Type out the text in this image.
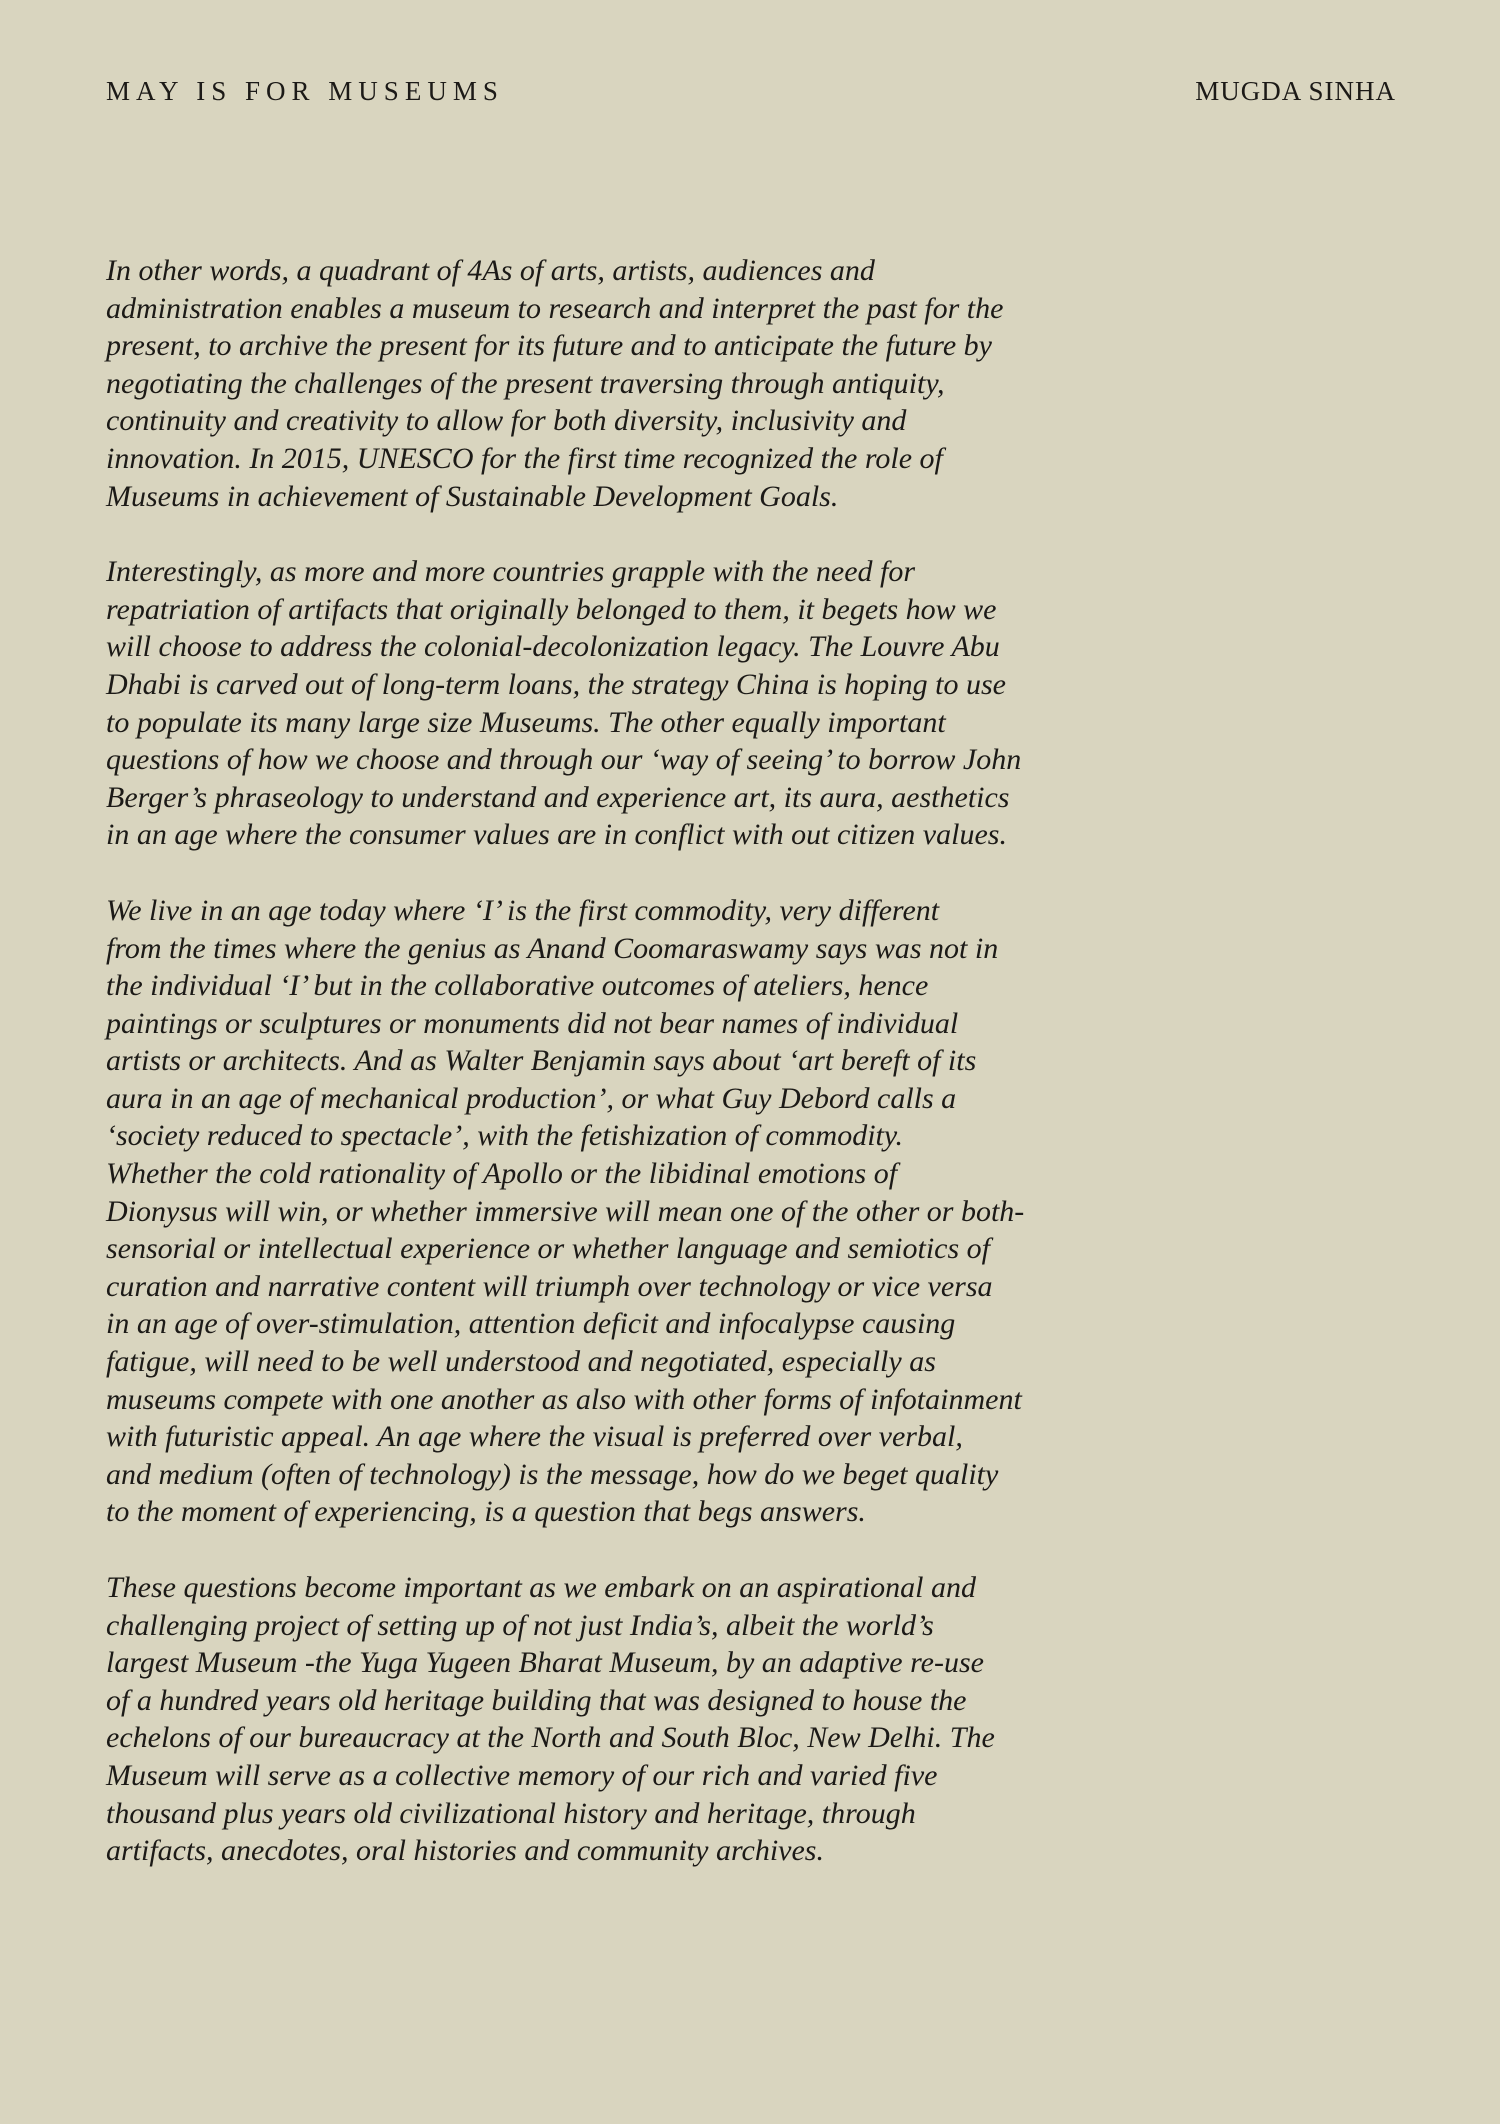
MAY IS FOR MUSEUMS	MUGDA SINHA

In other words, a quadrant of 4As of arts, artists, audiences and
administration enables a museum to research and interpret the past for the
present, to archive the present for its future and to anticipate the future by
negotiating the challenges of the present traversing through antiquity,
continuity and creativity to allow for both diversity, inclusivity and
innovation. In 2015, UNESCO for the first time recognized the role of
Museums in achievement of Sustainable Development Goals.

Interestingly, as more and more countries grapple with the need for
repatriation of artifacts that originally belonged to them, it begets how we
will choose to address the colonial-decolonization legacy. The Louvre Abu
Dhabi is carved out of long-term loans, the strategy China is hoping to use
to populate its many large size Museums. The other equally important
questions of how we choose and through our ‘way of seeing’ to borrow John
Berger’s phraseology to understand and experience art, its aura, aesthetics
in an age where the consumer values are in conflict with out citizen values.

We live in an age today where ‘I’ is the first commodity, very different
from the times where the genius as Anand Coomaraswamy says was not in
the individual ‘I’ but in the collaborative outcomes of ateliers, hence
paintings or sculptures or monuments did not bear names of individual
artists or architects. And as Walter Benjamin says about ‘art bereft of its
aura in an age of mechanical production’, or what Guy Debord calls a
‘society reduced to spectacle’, with the fetishization of commodity.
Whether the cold rationality of Apollo or the libidinal emotions of
Dionysus will win, or whether immersive will mean one of the other or both-
sensorial or intellectual experience or whether language and semiotics of
curation and narrative content will triumph over technology or vice versa
in an age of over-stimulation, attention deficit and infocalypse causing
fatigue, will need to be well understood and negotiated, especially as
museums compete with one another as also with other forms of infotainment
with futuristic appeal. An age where the visual is preferred over verbal,
and medium (often of technology) is the message, how do we beget quality
to the moment of experiencing, is a question that begs answers.

These questions become important as we embark on an aspirational and
challenging project of setting up of not just India’s, albeit the world’s
largest Museum -the Yuga Yugeen Bharat Museum, by an adaptive re-use
of a hundred years old heritage building that was designed to house the
echelons of our bureaucracy at the North and South Bloc, New Delhi. The
Museum will serve as a collective memory of our rich and varied five
thousand plus years old civilizational history and heritage, through
artifacts, anecdotes, oral histories and community archives.
